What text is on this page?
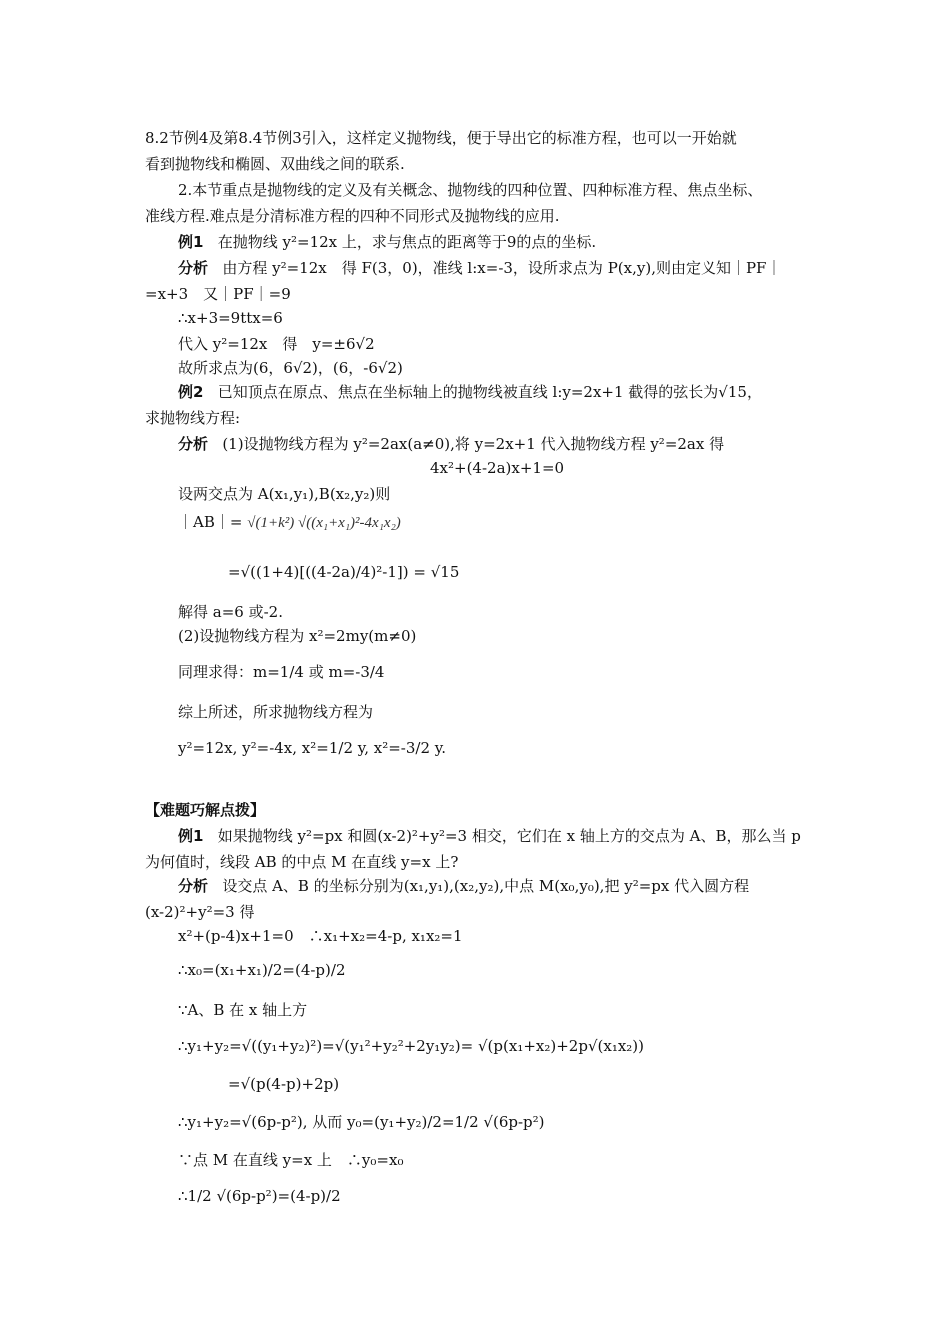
8.2节例4及第8.4节例3引入，这样定义抛物线，便于导出它的标准方程，也可以一开始就
看到抛物线和椭圆、双曲线之间的联系.
2.本节重点是抛物线的定义及有关概念、抛物线的四种位置、四种标准方程、焦点坐标、
准线方程.难点是分清标准方程的四种不同形式及抛物线的应用.
例1 在抛物线 y²=12x 上，求与焦点的距离等于9的点的坐标.
分析 由方程 y²=12x　得 F(3，0)，准线 l:x=-3，设所求点为 P(x,y),则由定义知｜PF｜
=x+3　又｜PF｜=9
∴x+3=9ttx=6
代入 y²=12x　得　y=±6√2
故所求点为(6，6√2)，(6，-6√2)
例2 已知顶点在原点、焦点在坐标轴上的抛物线被直线 l:y=2x+1 截得的弦长为√15，
求抛物线方程:
分析 (1)设抛物线方程为 y²=2ax(a≠0),将 y=2x+1 代入抛物线方程 y²=2ax 得
4x²+(4-2a)x+1=0
设两交点为 A(x₁,y₁),B(x₂,y₂)则
｜AB｜= √(1+k²) √((x₁+x₁)²-4x₁x₂)
=√((1+4)[((4-2a)/4)²-1]) = √15
解得 a=6 或-2.
(2)设抛物线方程为 x²=2my(m≠0)
同理求得：m=1/4 或 m=-3/4
综上所述，所求抛物线方程为
y²=12x, y²=-4x, x²=1/2 y, x²=-3/2 y.
【难题巧解点拨】
例1 如果抛物线 y²=px 和圆(x-2)²+y²=3 相交，它们在 x 轴上方的交点为 A、B，那么当 p
为何值时，线段 AB 的中点 M 在直线 y=x 上?
分析 设交点 A、B 的坐标分别为(x₁,y₁),(x₂,y₂),中点 M(x₀,y₀),把 y²=px 代入圆方程
(x-2)²+y²=3 得
x²+(p-4)x+1=0　∴x₁+x₂=4-p, x₁x₂=1
∴x₀=(x₁+x₁)/2=(4-p)/2
∵A、B 在 x 轴上方
∴y₁+y₂=√((y₁+y₂)²)=√(y₁²+y₂²+2y₁y₂)= √(p(x₁+x₂)+2p√(x₁x₂))
=√(p(4-p)+2p)
∴y₁+y₂=√(6p-p²), 从而 y₀=(y₁+y₂)/2=1/2 √(6p-p²)
∵点 M 在直线 y=x 上　∴y₀=x₀
∴1/2 √(6p-p²)=(4-p)/2
